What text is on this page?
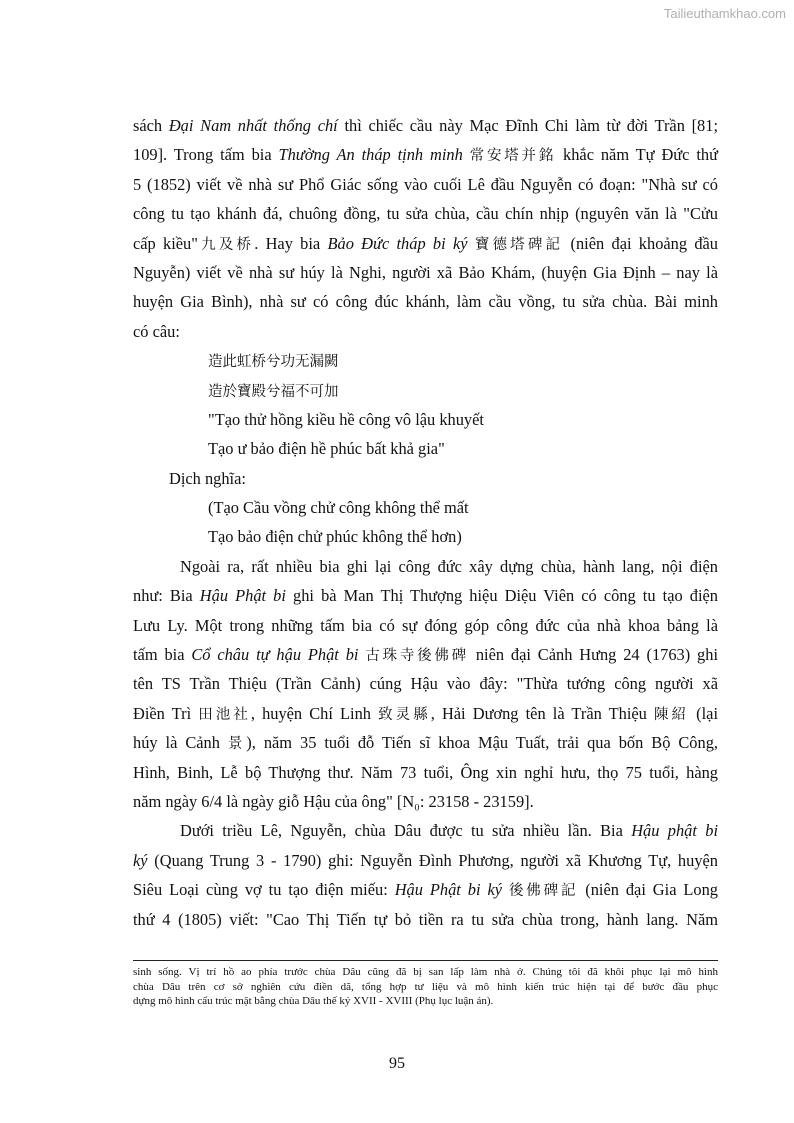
Tailieuthamkhao.com
sách Đại Nam nhất thống chí thì chiếc cầu này Mạc Đĩnh Chi làm từ đời Trần [81;
109]. Trong tấm bia Thường An tháp tịnh minh 常安塔并銘 khắc năm Tự Đức thứ
5 (1852) viết về nhà sư Phổ Giác sống vào cuối Lê đầu Nguyễn có đoạn: "Nhà sư có
công tu tạo khánh đá, chuông đồng, tu sửa chùa, cầu chín nhịp (nguyên văn là "Cửu
cấp kiều"九及桥. Hay bia Bảo Đức tháp bi ký 寶德塔碑記 (niên đại khoảng đầu
Nguyễn) viết về nhà sư húy là Nghi, người xã Bảo Khám, (huyện Gia Định – nay là
huyện Gia Bình), nhà sư có công đúc khánh, làm cầu vồng, tu sửa chùa. Bài minh
có câu:
造此虹桥兮功无漏闕
造於寶殿兮福不可加
"Tạo thử hồng kiều hề công vô lậu khuyết
Tạo ư bảo điện hề phúc bất khả gia"
Dịch nghĩa:
(Tạo Cầu vồng chử công không thể mất
Tạo bảo điện chử phúc không thể hơn)
Ngoài ra, rất nhiều bia ghi lại công đức xây dựng chùa, hành lang, nội điện
như: Bia Hậu Phật bi ghi bà Man Thị Thượng hiệu Diệu Viên có công tu tạo điện
Lưu Ly. Một trong những tấm bia có sự đóng góp công đức của nhà khoa bảng là
tấm bia Cổ châu tự hậu Phật bi 古珠寺後佛碑 niên đại Cảnh Hưng 24 (1763) ghi
tên TS Trần Thiệu (Trần Cảnh) cúng Hậu vào đây: "Thừa tướng công người xã
Điền Trì 田池社, huyện Chí Linh 致灵縣, Hải Dương tên là Trần Thiệu 陳紹 (lại
húy là Cảnh 景), năm 35 tuổi đỗ Tiến sĩ khoa Mậu Tuất, trải qua bốn Bộ Công,
Hình, Binh, Lễ bộ Thượng thư. Năm 73 tuổi, Ông xin nghỉ hưu, thọ 75 tuổi, hàng
năm ngày 6/4 là ngày giỗ Hậu của ông" [N₀: 23158 - 23159].
Dưới triều Lê, Nguyễn, chùa Dâu được tu sửa nhiều lần. Bia Hậu phật bi
ký (Quang Trung 3 - 1790) ghi: Nguyễn Đình Phương, người xã Khương Tự, huyện
Siêu Loại cùng vợ tu tạo điện miếu: Hậu Phật bi ký 後佛碑記 (niên đại Gia Long
thứ 4 (1805) viết: "Cao Thị Tiến tự bỏ tiền ra tu sửa chùa trong, hành lang. Năm
sinh sống. Vị trí hồ ao phía trước chùa Dâu cũng đã bị san lấp làm nhà ở. Chúng tôi đã khôi phục lại mô hình
chùa Dâu trên cơ sở nghiên cứu điền dã, tổng hợp tư liệu và mô hình kiến trúc hiện tại để bước đầu phục
dựng mô hình cấu trúc mặt bằng chùa Dâu thế kỷ XVII - XVIII (Phụ lục luận án).
95
